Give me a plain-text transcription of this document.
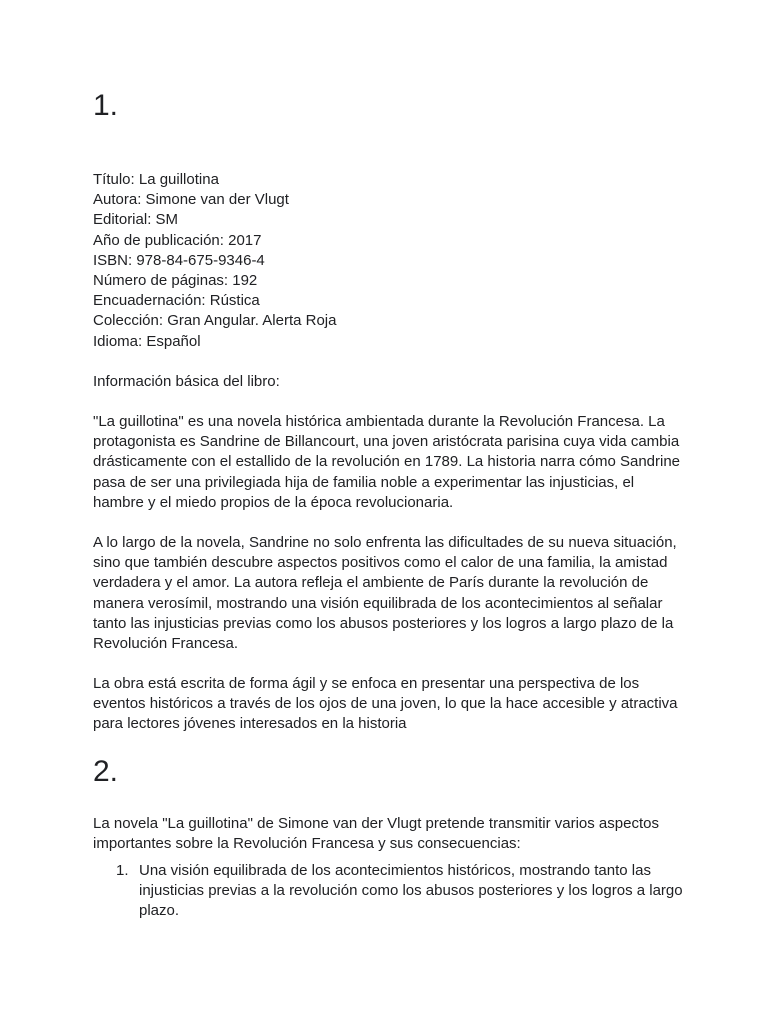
1.

Título: La guillotina

Autora: Simone van der Vlugt

Editorial: SM

Año de publicación: 2017

ISBN: 978-84-675-9346-4

Número de páginas: 192

Encuadernación: Rústica

Colección: Gran Angular. Alerta Roja

Idioma: Español

Información básica del libro:

"La guillotina" es una novela histórica ambientada durante la Revolución Francesa. La protagonista es Sandrine de Billancourt, una joven aristócrata parisina cuya vida cambia drásticamente con el estallido de la revolución en 1789. La historia narra cómo Sandrine pasa de ser una privilegiada hija de familia noble a experimentar las injusticias, el hambre y el miedo propios de la época revolucionaria.

A lo largo de la novela, Sandrine no solo enfrenta las dificultades de su nueva situación, sino que también descubre aspectos positivos como el calor de una familia, la amistad verdadera y el amor. La autora refleja el ambiente de París durante la revolución de manera verosímil, mostrando una visión equilibrada de los acontecimientos al señalar tanto las injusticias previas como los abusos posteriores y los logros a largo plazo de la Revolución Francesa.

La obra está escrita de forma ágil y se enfoca en presentar una perspectiva de los eventos históricos a través de los ojos de una joven, lo que la hace accesible y atractiva para lectores jóvenes interesados en la historia

2.

La novela "La guillotina" de Simone van der Vlugt pretende transmitir varios aspectos importantes sobre la Revolución Francesa y sus consecuencias:

1. Una visión equilibrada de los acontecimientos históricos, mostrando tanto las injusticias previas a la revolución como los abusos posteriores y los logros a largo plazo.
